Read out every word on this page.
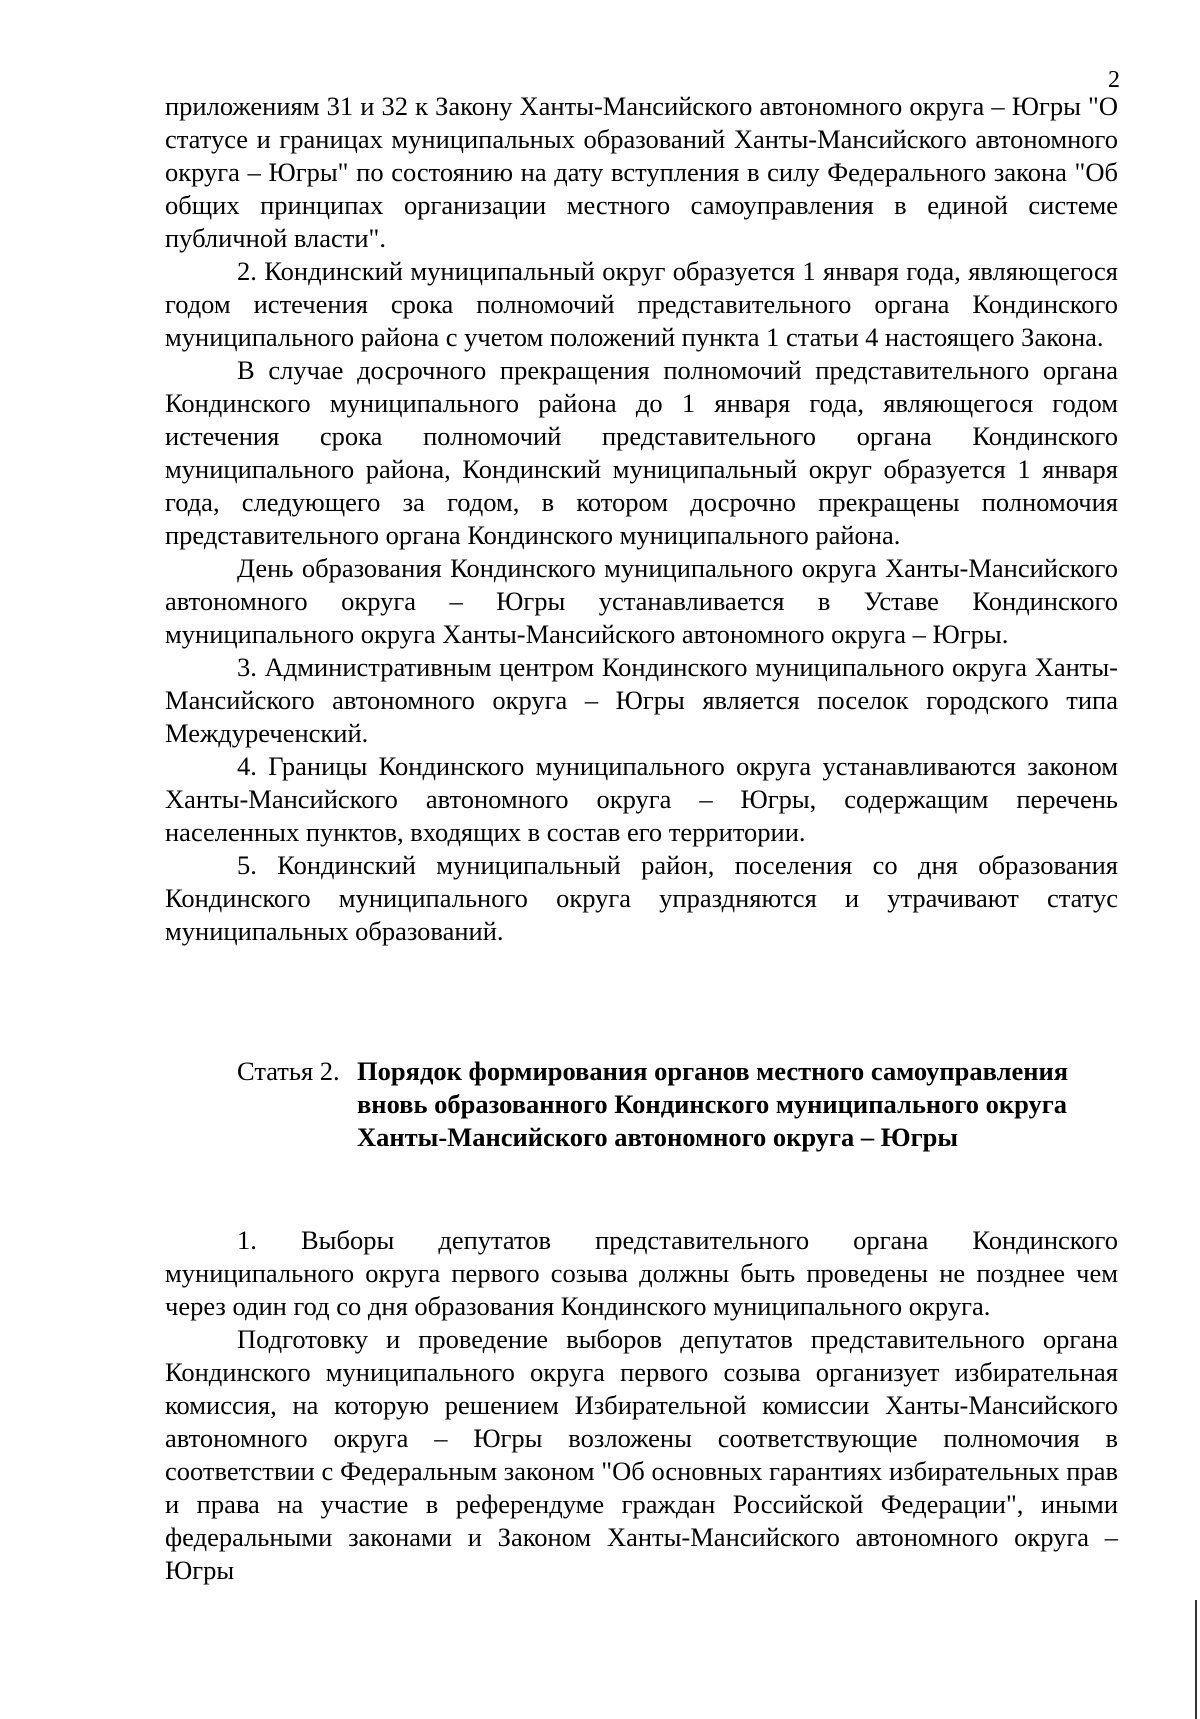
2

приложениям 31 и 32 к Закону Ханты-Мансийского автономного округа – Югры "О статусе и границах муниципальных образований Ханты-Мансийского автономного округа – Югры" по состоянию на дату вступления в силу Федерального закона "Об общих принципах организации местного самоуправления в единой системе публичной власти".

2. Кондинский муниципальный округ образуется 1 января года, являющегося годом истечения срока полномочий представительного органа Кондинского муниципального района с учетом положений пункта 1 статьи 4 настоящего Закона.

В случае досрочного прекращения полномочий представительного органа Кондинского муниципального района до 1 января года, являющегося годом истечения срока полномочий представительного органа Кондинского муниципального района, Кондинский муниципальный округ образуется 1 января года, следующего за годом, в котором досрочно прекращены полномочия представительного органа Кондинского муниципального района.

День образования Кондинского муниципального округа Ханты-Мансийского автономного округа – Югры устанавливается в Уставе Кондинского муниципального округа Ханты-Мансийского автономного округа – Югры.

3. Административным центром Кондинского муниципального округа Ханты-Мансийского автономного округа – Югры является поселок городского типа Междуреченский.

4. Границы Кондинского муниципального округа устанавливаются законом Ханты-Мансийского автономного округа – Югры, содержащим перечень населенных пунктов, входящих в состав его территории.

5. Кондинский муниципальный район, поселения со дня образования Кондинского муниципального округа упраздняются и утрачивают статус муниципальных образований.

Статья 2. Порядок формирования органов местного самоуправления вновь образованного Кондинского муниципального округа Ханты-Мансийского автономного округа – Югры

1. Выборы депутатов представительного органа Кондинского муниципального округа первого созыва должны быть проведены не позднее чем через один год со дня образования Кондинского муниципального округа.

Подготовку и проведение выборов депутатов представительного органа Кондинского муниципального округа первого созыва организует избирательная комиссия, на которую решением Избирательной комиссии Ханты-Мансийского автономного округа – Югры возложены соответствующие полномочия в соответствии с Федеральным законом "Об основных гарантиях избирательных прав и права на участие в референдуме граждан Российской Федерации", иными федеральными законами и Законом Ханты-Мансийского автономного округа – Югры
